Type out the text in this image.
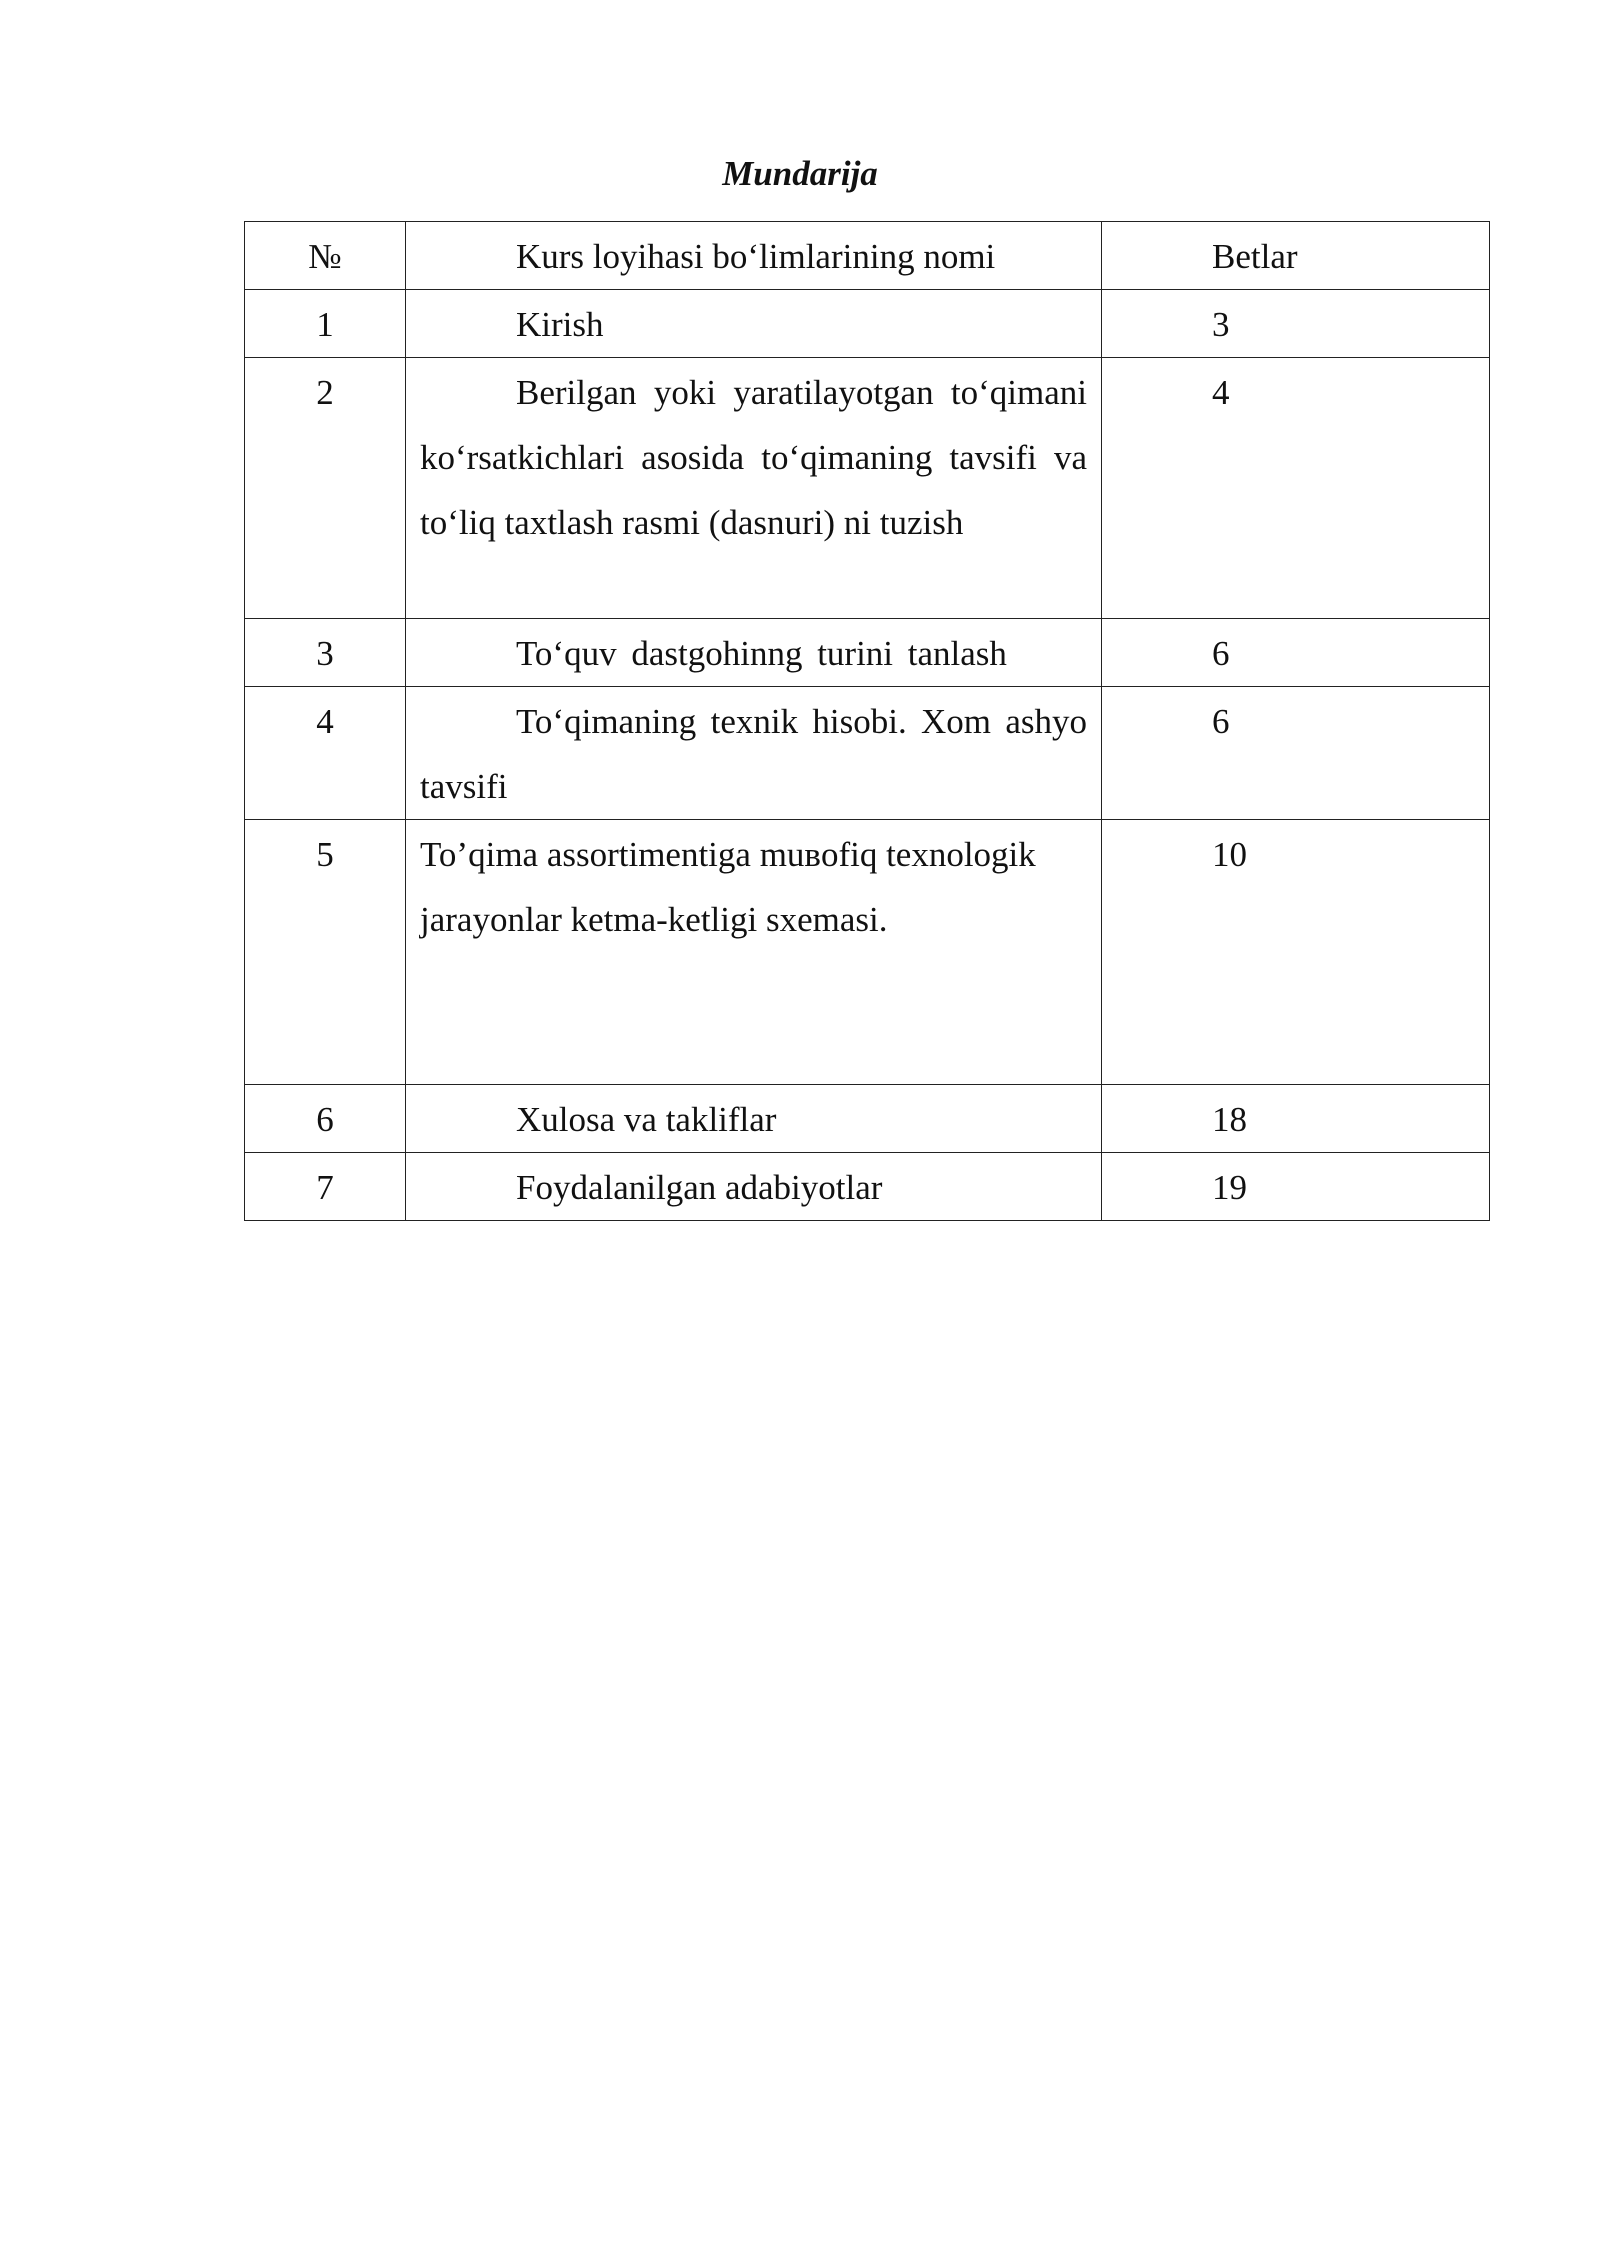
Mundarija
№	Kurs loyihasi bo‘limlarining nomi	Betlar
1	Kirish	3
2	Berilgan yoki yaratilayotgan to‘qimani ko‘rsatkichlari asosida to‘qimaning tavsifi va to‘liq taxtlash rasmi (dasnuri) ni tuzish	4
3	To‘quv dastgohinng turini tanlash	6
4	To‘qimaning texnik hisobi. Xom ashyo tavsifi	6
5	To’qima assortimentiga muвofiq texnologik jarayonlar ketma-ketligi sxemasi.	10
6	Xulosa va takliflar	18
7	Foydalanilgan adabiyotlar	19
